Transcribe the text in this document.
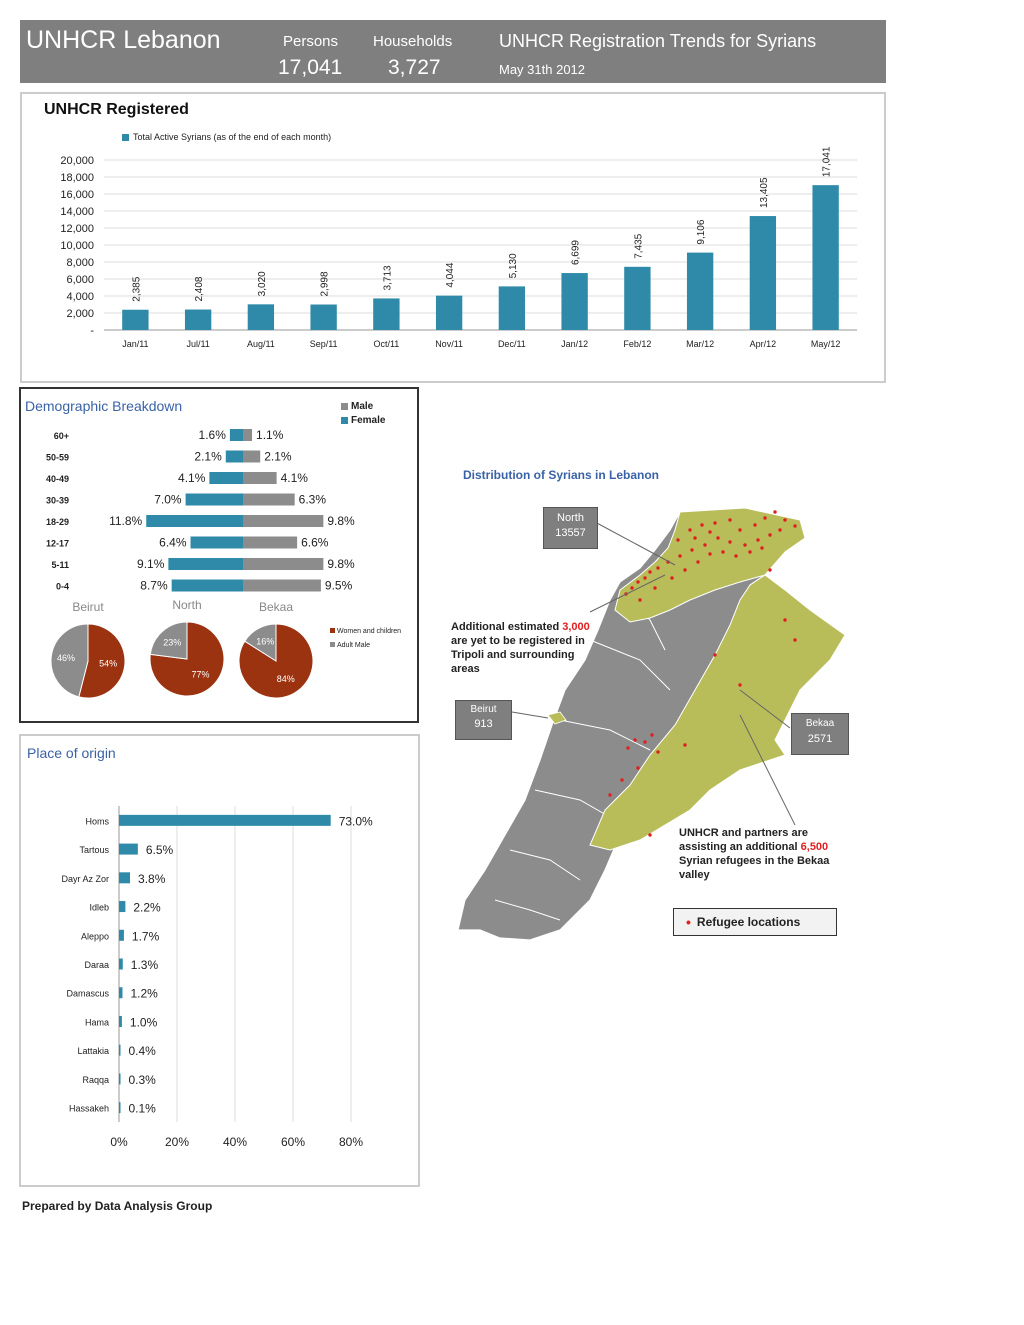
UNHCR Lebanon	Persons
17,041
Households
3,727
UNHCR Registration Trends for Syrians
May 31th 2012
UNHCR Registered
Total Active Syrians (as of the end of each month)
-
2,000
4,000
6,000
8,000
10,000
12,000
14,000
16,000
18,000
20,000
2,385
Jan/11
2,408
Jul/11
3,020
Aug/11
2,998
Sep/11
3,713
Oct/11
4,044
Nov/11
5,130
Dec/11
6,699
Jan/12
7,435
Feb/12
9,106
Mar/12
13,405
Apr/12
17,041
May/12
Demographic Breakdown	Male
Female
60+	1.6%	1.1%
50-59	2.1%	2.1%
40-49	4.1%	4.1%
30-39	7.0%	6.3%
18-29	11.8%	9.8%
12-17	6.4%	6.6%
5-11	9.1%	9.8%
0-4	8.7%	9.5%
Beirut
54%
46%
North
77%
23%
Bekaa
84%
16%
Women and children
Adult Male
Place of origin
0%	20%	40%	60%	80%
Homs	73.0%
Tartous	6.5%
Dayr Az Zor 3.8%
Idleb 2.2%
Aleppo 1.7%
Daraa 1.3%
Damascus 1.2%
Hama 1.0%
Lattakia 0.4%
Raqqa 0.3%
Hassakeh 0.1%
Distribution of Syrians in Lebanon
North
13557
Beirut
913	Bekaa
2571
Additional estimated 3,000 are yet to be registered in Tripoli and surrounding areas
UNHCR and partners are assisting an additional 6,500 Syrian refugees in the Bekaa valley
• Refugee locations
Prepared by Data Analysis Group
